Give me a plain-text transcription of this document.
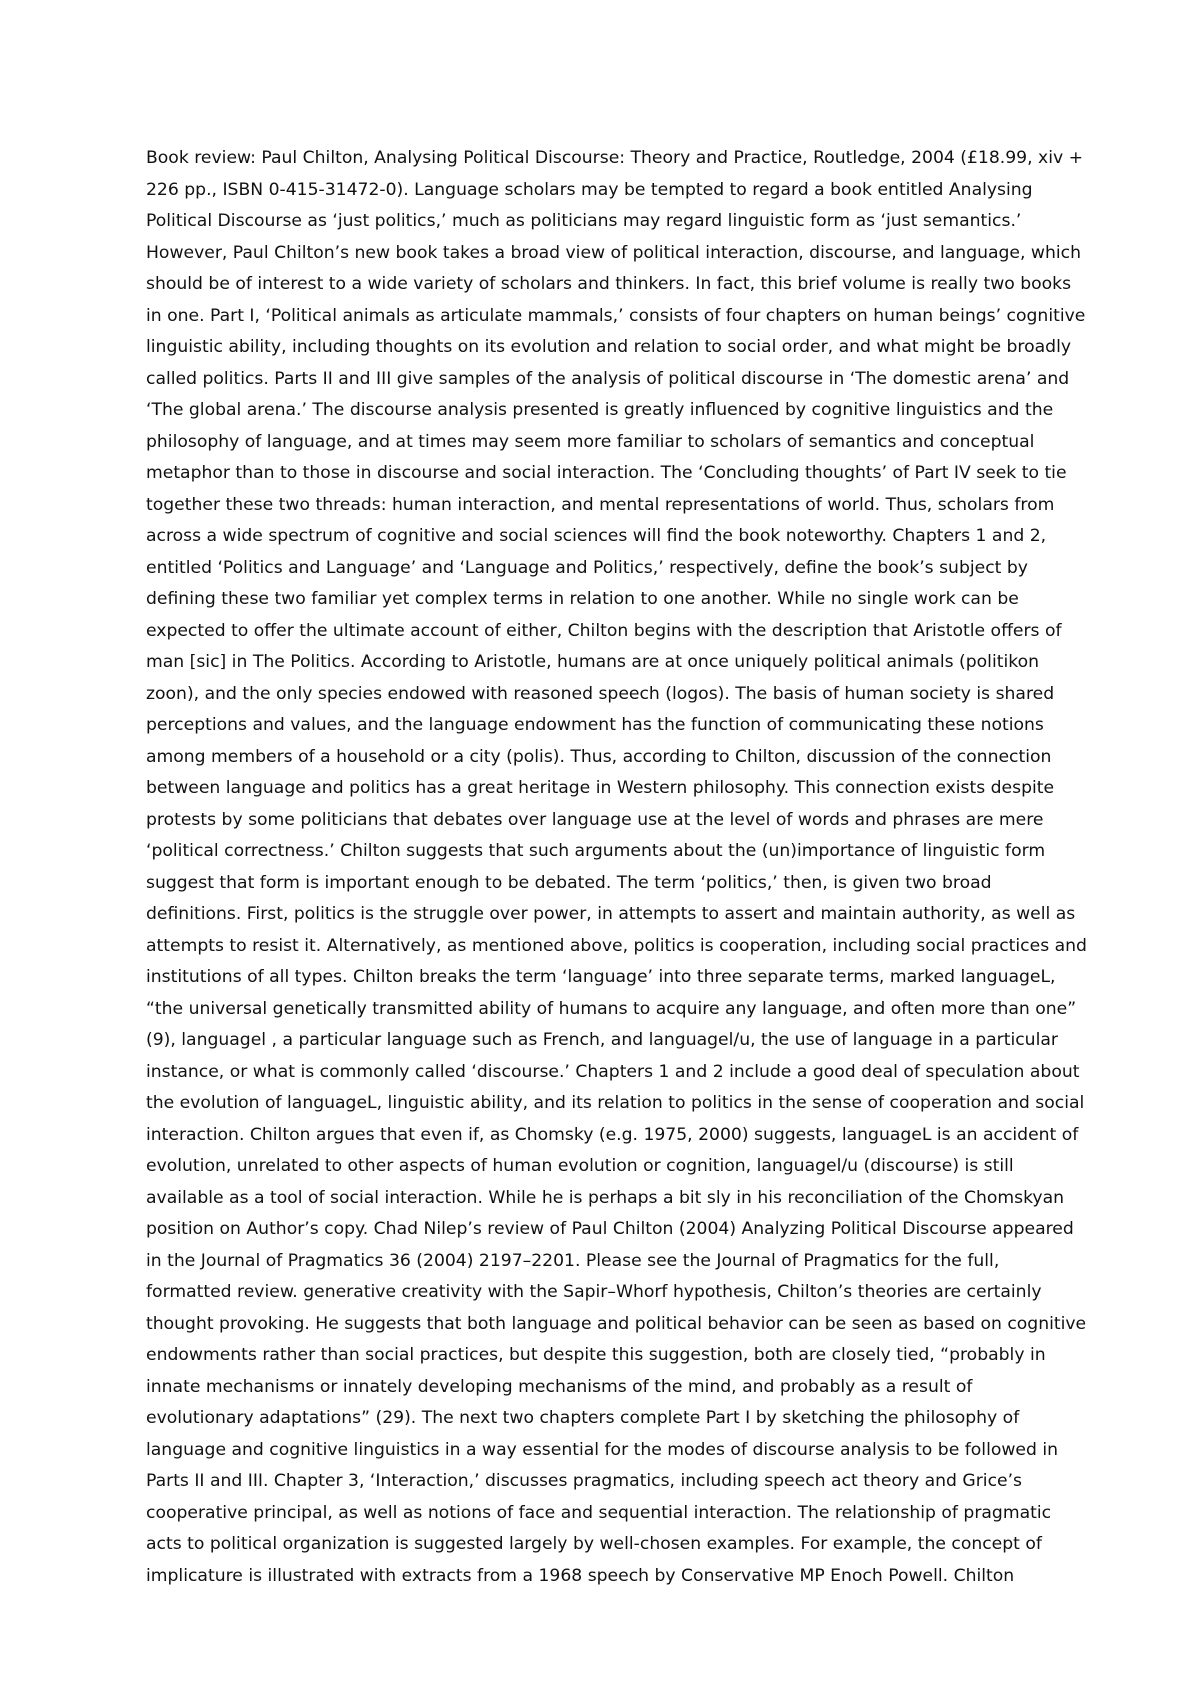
Book review: Paul Chilton, Analysing Political Discourse: Theory and Practice, Routledge, 2004 (£18.99, xiv +
226 pp., ISBN 0-415-31472-0). Language scholars may be tempted to regard a book entitled Analysing
Political Discourse as ‘just politics,’ much as politicians may regard linguistic form as ‘just semantics.’
However, Paul Chilton’s new book takes a broad view of political interaction, discourse, and language, which
should be of interest to a wide variety of scholars and thinkers. In fact, this brief volume is really two books
in one. Part I, ‘Political animals as articulate mammals,’ consists of four chapters on human beings’ cognitive
linguistic ability, including thoughts on its evolution and relation to social order, and what might be broadly
called politics. Parts II and III give samples of the analysis of political discourse in ‘The domestic arena’ and
‘The global arena.’ The discourse analysis presented is greatly influenced by cognitive linguistics and the
philosophy of language, and at times may seem more familiar to scholars of semantics and conceptual
metaphor than to those in discourse and social interaction. The ‘Concluding thoughts’ of Part IV seek to tie
together these two threads: human interaction, and mental representations of world. Thus, scholars from
across a wide spectrum of cognitive and social sciences will find the book noteworthy. Chapters 1 and 2,
entitled ‘Politics and Language’ and ‘Language and Politics,’ respectively, define the book’s subject by
defining these two familiar yet complex terms in relation to one another. While no single work can be
expected to offer the ultimate account of either, Chilton begins with the description that Aristotle offers of
man [sic] in The Politics. According to Aristotle, humans are at once uniquely political animals (politikon
zoon), and the only species endowed with reasoned speech (logos). The basis of human society is shared
perceptions and values, and the language endowment has the function of communicating these notions
among members of a household or a city (polis). Thus, according to Chilton, discussion of the connection
between language and politics has a great heritage in Western philosophy. This connection exists despite
protests by some politicians that debates over language use at the level of words and phrases are mere
‘political correctness.’ Chilton suggests that such arguments about the (un)importance of linguistic form
suggest that form is important enough to be debated. The term ‘politics,’ then, is given two broad
definitions. First, politics is the struggle over power, in attempts to assert and maintain authority, as well as
attempts to resist it. Alternatively, as mentioned above, politics is cooperation, including social practices and
institutions of all types. Chilton breaks the term ‘language’ into three separate terms, marked languageL,
“the universal genetically transmitted ability of humans to acquire any language, and often more than one”
(9), languagel , a particular language such as French, and languagel/u, the use of language in a particular
instance, or what is commonly called ‘discourse.’ Chapters 1 and 2 include a good deal of speculation about
the evolution of languageL, linguistic ability, and its relation to politics in the sense of cooperation and social
interaction. Chilton argues that even if, as Chomsky (e.g. 1975, 2000) suggests, languageL is an accident of
evolution, unrelated to other aspects of human evolution or cognition, languagel/u (discourse) is still
available as a tool of social interaction. While he is perhaps a bit sly in his reconciliation of the Chomskyan
position on Author’s copy. Chad Nilep’s review of Paul Chilton (2004) Analyzing Political Discourse appeared
in the Journal of Pragmatics 36 (2004) 2197–2201. Please see the Journal of Pragmatics for the full,
formatted review. generative creativity with the Sapir–Whorf hypothesis, Chilton’s theories are certainly
thought provoking. He suggests that both language and political behavior can be seen as based on cognitive
endowments rather than social practices, but despite this suggestion, both are closely tied, “probably in
innate mechanisms or innately developing mechanisms of the mind, and probably as a result of
evolutionary adaptations” (29). The next two chapters complete Part I by sketching the philosophy of
language and cognitive linguistics in a way essential for the modes of discourse analysis to be followed in
Parts II and III. Chapter 3, ‘Interaction,’ discusses pragmatics, including speech act theory and Grice’s
cooperative principal, as well as notions of face and sequential interaction. The relationship of pragmatic
acts to political organization is suggested largely by well-chosen examples. For example, the concept of
implicature is illustrated with extracts from a 1968 speech by Conservative MP Enoch Powell. Chilton
